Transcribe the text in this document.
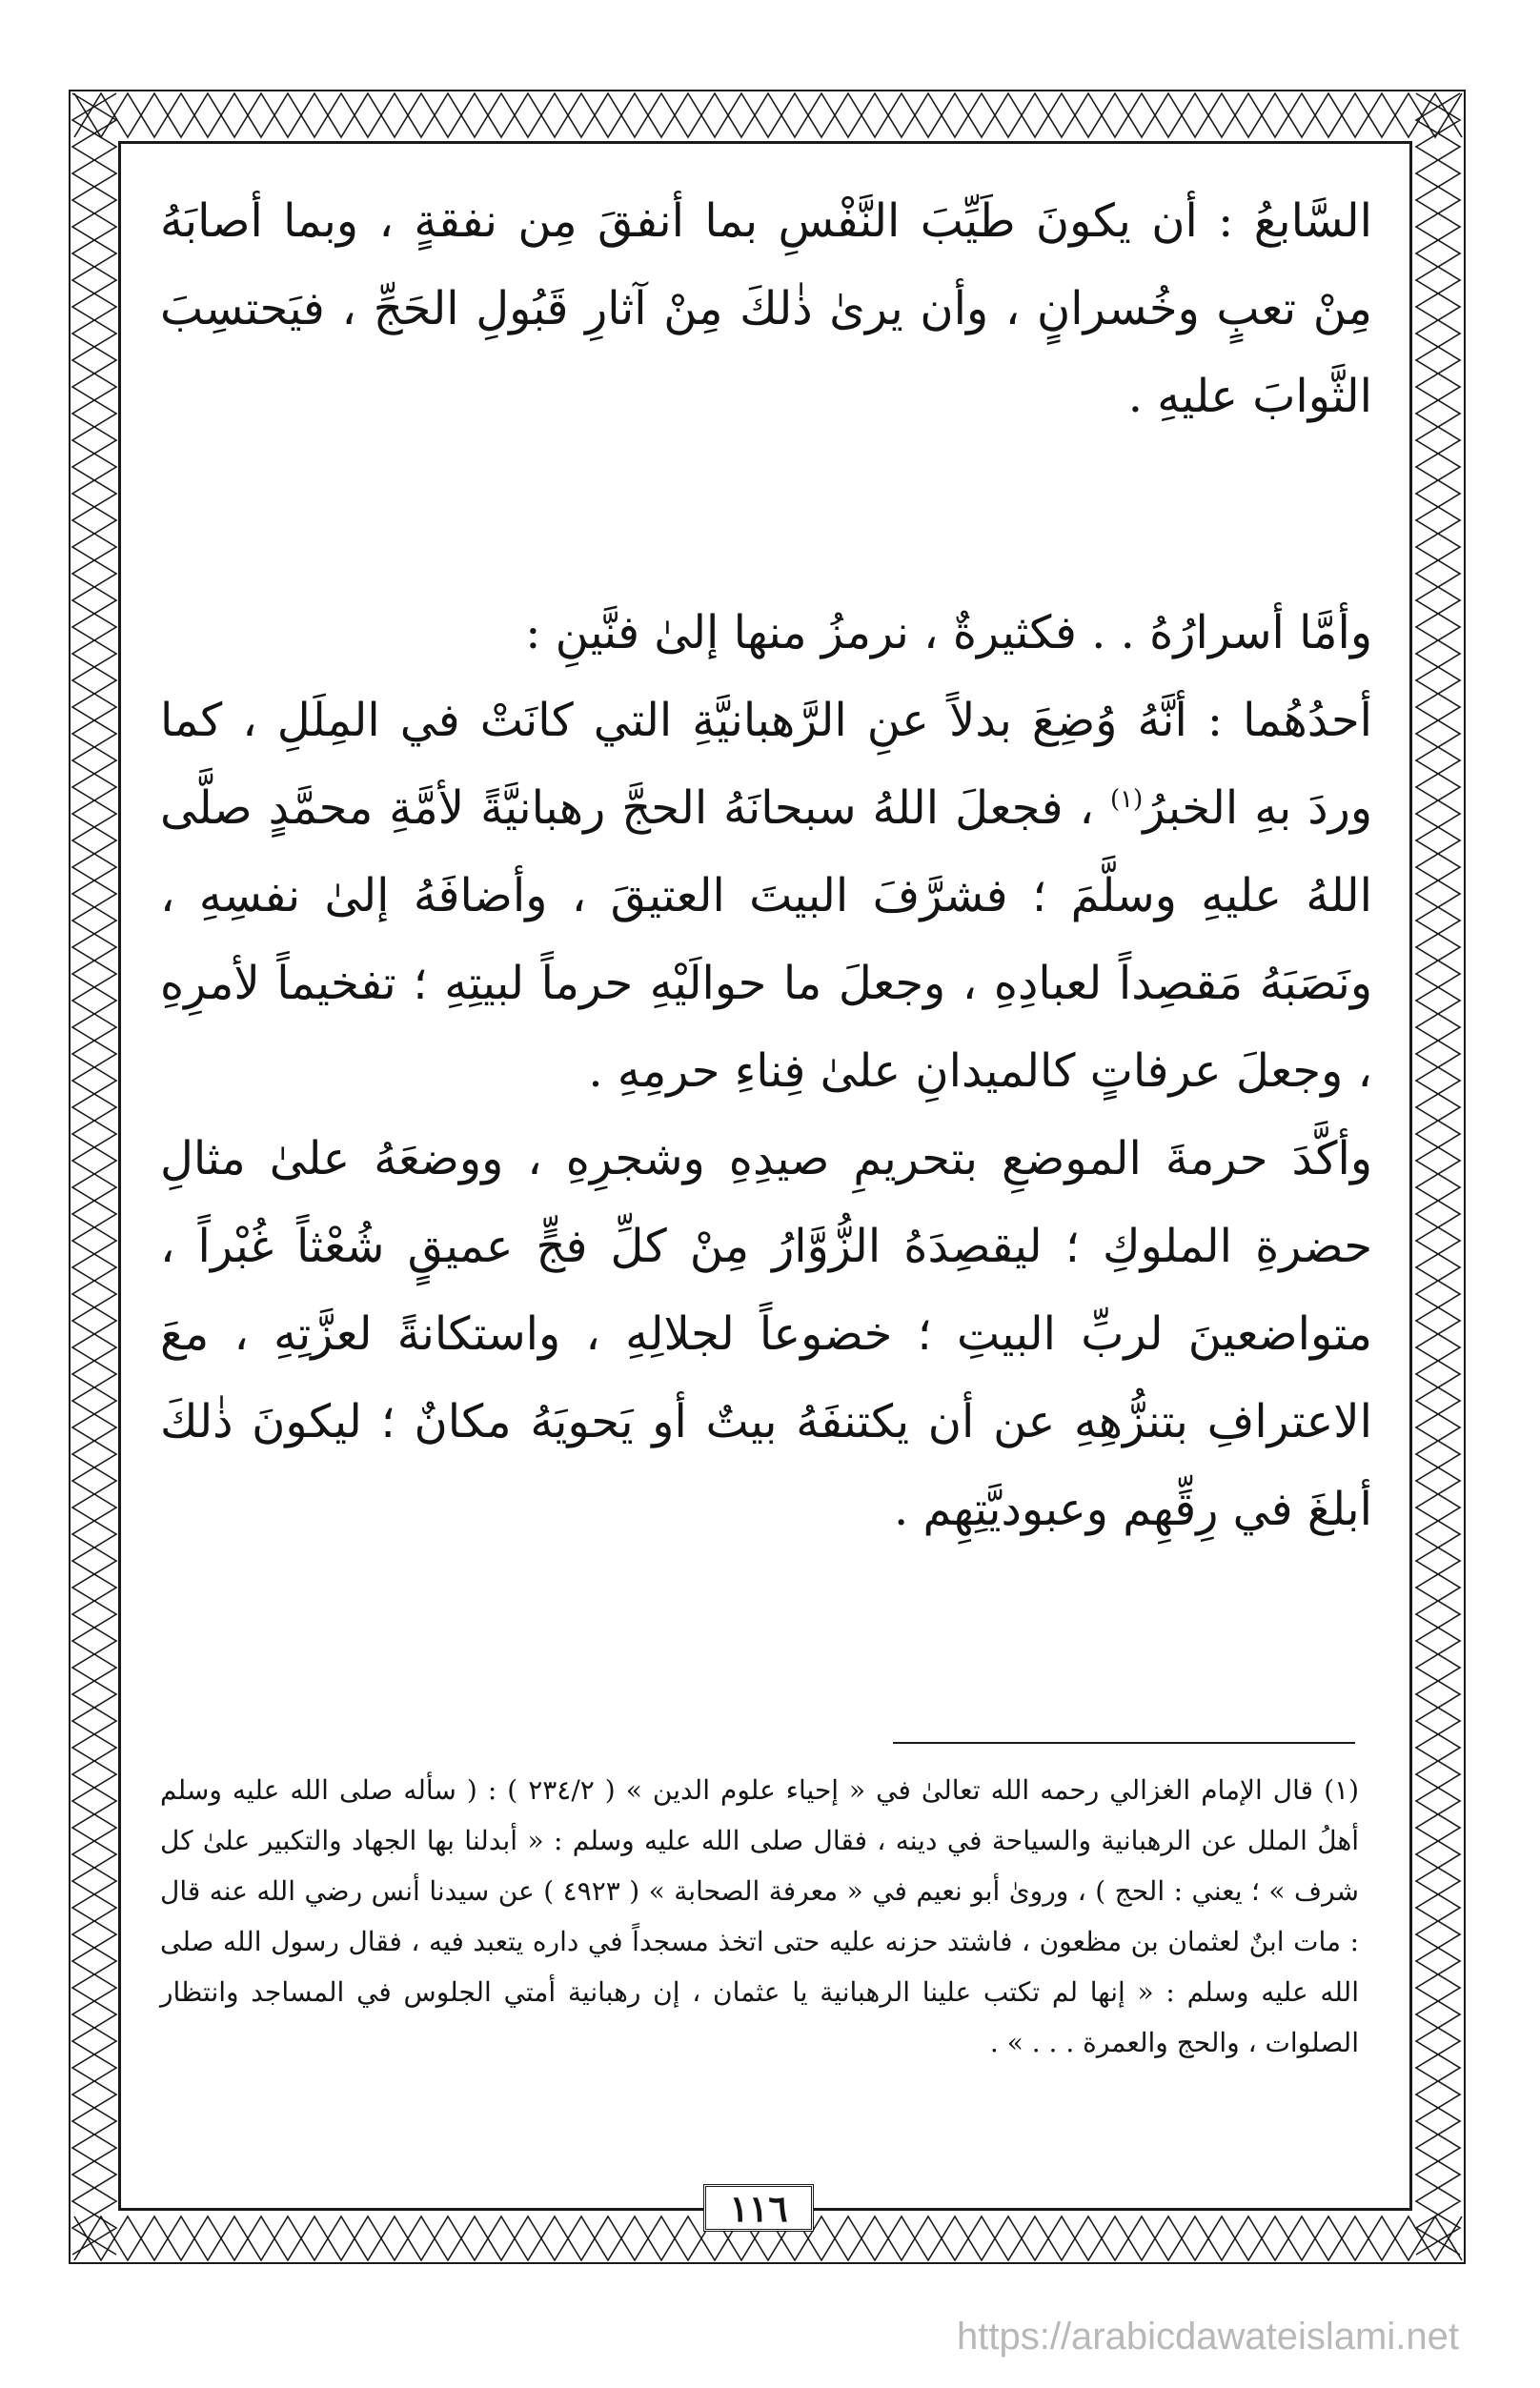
السَّابعُ : أن يكونَ طَيِّبَ النَّفْسِ بما أنفقَ مِن نفقةٍ ، وبما أصابَهُ مِنْ تعبٍ وخُسرانٍ ، وأن يرىٰ ذٰلكَ مِنْ آثارِ قَبُولِ الحَجِّ ، فيَحتسِبَ الثَّوابَ عليهِ .

وأمَّا أسرارُهُ . . فكثيرةٌ ، نرمزُ منها إلىٰ فنَّينِ :

أحدُهُما : أنَّهُ وُضِعَ بدلاً عنِ الرَّهبانيَّةِ التي كانَتْ في المِلَلِ ، كما وردَ بهِ الخبرُ$^{(١)}$ ، فجعلَ اللهُ سبحانَهُ الحجَّ رهبانيَّةً لأمَّةِ محمَّدٍ صلَّى اللهُ عليهِ وسلَّمَ ؛ فشرَّفَ البيتَ العتيقَ ، وأضافَهُ إلىٰ نفسِهِ ، ونَصَبَهُ مَقصِداً لعبادِهِ ، وجعلَ ما حوالَيْهِ حرماً لبيتِهِ ؛ تفخيماً لأمرِهِ ، وجعلَ عرفاتٍ كالميدانِ علىٰ فِناءِ حرمِهِ .

وأكَّدَ حرمةَ الموضعِ بتحريمِ صيدِهِ وشجرِهِ ، ووضعَهُ علىٰ مثالِ حضرةِ الملوكِ ؛ ليقصِدَهُ الزُّوَّارُ مِنْ كلِّ فجٍّ عميقٍ شُعْثاً غُبْراً ، متواضعينَ لربِّ البيتِ ؛ خضوعاً لجلالِهِ ، واستكانةً لعزَّتِهِ ، معَ الاعترافِ بتنزُّهِهِ عن أن يكتنفَهُ بيتٌ أو يَحويَهُ مكانٌ ؛ ليكونَ ذٰلكَ أبلغَ في رِقِّهِم وعبوديَّتِهِم .

(١) قال الإمام الغزالي رحمه الله تعالىٰ في « إحياء علوم الدين » ( ٢٣٤/٢ ) : ( سأله صلى الله عليه وسلم أهلُ الملل عن الرهبانية والسياحة في دينه ، فقال صلى الله عليه وسلم : « أبدلنا بها الجهاد والتكبير علىٰ كل شرف » ؛ يعني : الحج ) ، وروىٰ أبو نعيم في « معرفة الصحابة » ( ٤٩٢٣ ) عن سيدنا أنس رضي الله عنه قال : مات ابنٌ لعثمان بن مظعون ، فاشتد حزنه عليه حتى اتخذ مسجداً في داره يتعبد فيه ، فقال رسول الله صلى الله عليه وسلم : « إنها لم تكتب علينا الرهبانية يا عثمان ، إن رهبانية أمتي الجلوس في المساجد وانتظار الصلوات ، والحج والعمرة . . . » .

١١٦
https://arabicdawateislami.net
